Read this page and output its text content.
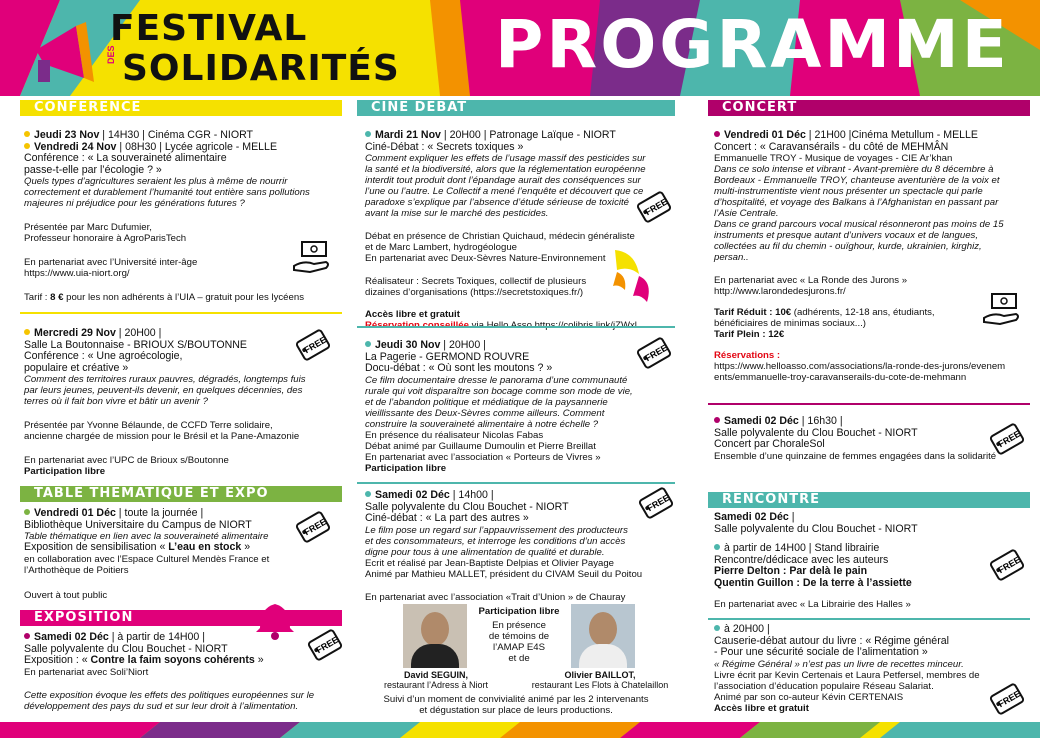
FESTIVAL
DES SOLIDARITÉS PROGRAMME
CONFERENCE
Jeudi 23 Nov | 14H30 | Cinéma CGR - NIORT
Vendredi 24 Nov | 08H30 | Lycée agricole - MELLE
Conférence : « La souveraineté alimentaire
passe-t-elle par l’écologie ? »
Quels types d’agricultures seraient les plus à même de nourrir
correctement et durablement l’humanité tout entière sans pollutions
majeures ni préjudice pour les générations futures ?
Présentée par Marc Dufumier,
Professeur honoraire à AgroParisTech
En partenariat avec l’Université inter-âge
https://www.uia-niort.org/
Tarif : 8 € pour les non adhérents à l’UIA – gratuit pour les lycéens
Mercredi 29 Nov | 20H00 |
Salle La Boutonnaise - BRIOUX S/BOUTONNE
Conférence : « Une agroécologie,
populaire et créative »
Comment des territoires ruraux pauvres, dégradés, longtemps fuis
par leurs jeunes, peuvent-ils devenir, en quelques décennies, des
terres où il fait bon vivre et bâtir un avenir ?
Présentée par Yvonne Bélaunde, de CCFD Terre solidaire,
ancienne chargée de mission pour le Brésil et la Pane-Amazonie
En partenariat avec l’UPC de Brioux s/Boutonne
Participation libre
FREE
TABLE THEMATIQUE ET EXPO
Vendredi 01 Déc | toute la journée |
Bibliothèque Universitaire du Campus de NIORT
Table thématique en lien avec la souveraineté alimentaire
Exposition de sensibilisation « L’eau en stock »
en collaboration avec l’Espace Culturel Mendès France et
l’Arthothèque de Poitiers
Ouvert à tout public
FREE
EXPOSITION
Samedi 02 Déc | à partir de 14H00 |
Salle polyvalente du Clou Bouchet - NIORT
Exposition : « Contre la faim soyons cohérents »
En partenariat avec Soli’Niort
Cette exposition évoque les effets des politiques européennes sur le
développement des pays du sud et sur leur droit à l’alimentation.
FREE
CINE DEBAT
Mardi 21 Nov | 20H00 | Patronage Laïque - NIORT
Ciné-Débat : « Secrets toxiques »
Comment expliquer les effets de l’usage massif des pesticides sur
la santé et la biodiversité, alors que la réglementation européenne
interdit tout produit dont l’épandage aurait des conséquences sur
l’une ou l’autre. Le Collectif a mené l’enquête et découvert que ce
paradoxe s’explique par l’absence d’étude sérieuse de toxicité
avant la mise sur le marché des pesticides.
Débat en présence de Christian Quichaud, médecin généraliste
et de Marc Lambert, hydrogéologue
En partenariat avec Deux-Sèvres Nature-Environnement
Réalisateur : Secrets Toxiques, collectif de plusieurs
dizaines d’organisations (https://secretstoxiques.fr/)
Accès libre et gratuit
FREE
Jeudi 30 Nov | 20H00 |
La Pagerie - GERMOND ROUVRE
Docu-débat : « Où sont les moutons ? »
Ce film documentaire dresse le panorama d’une communauté
rurale qui voit disparaître son bocage comme son mode de vie,
et de l’abandon politique et médiatique de la paysannerie
vieillissante des Deux-Sèvres comme ailleurs. Comment
construire la souveraineté alimentaire à notre échelle ?
En présence du réalisateur Nicolas Fabas
Débat animé par Guillaume Dumoulin et Pierre Breillat
En partenariat avec l’association « Porteurs de Vivres »
Participation libre
FREE
Samedi 02 Déc | 14h00 |
Salle polyvalente du Clou Bouchet - NIORT
Ciné-débat : « La part des autres »
Le film pose un regard sur l’appauvrissement des producteurs
et des consommateurs, et interroge les conditions d’un accès
digne pour tous à une alimentation de qualité et durable.
Ecrit et réalisé par Jean-Baptiste Delpias et Olivier Payage
Animé par Mathieu MALLET, président du CIVAM Seuil du Poitou
En partenariat avec l’association «Trait d’Union » de Chauray
FREE
Participation libre
En présence
de témoins de
l’AMAP E4S
et de
David SEGUIN,
restaurant l’Adress à Niort
Olivier BAILLOT,
restaurant Les Flots à Chatelaillon
Suivi d’un moment de convivialité animé par les 2 intervenants
et dégustation sur place de leurs productions.
CONCERT
Vendredi 01 Déc | 21H00 |Cinéma Metullum - MELLE
Concert : « Caravansérails - du côté de MEHMÂN
Emmanuelle TROY - Musique de voyages - CIE Ar’khan
Dans ce solo intense et vibrant - Avant-première du 8 décembre à
Bordeaux - Emmanuelle TROY, chanteuse aventurière de la voix et
multi-instrumentiste vient nous présenter un spectacle qui parle
d’hospitalité, et voyage des Balkans à l’Afghanistan en passant par
l’Asie Centrale.
Dans ce grand parcours vocal musical résonneront pas moins de 15
instruments et presque autant d’univers vocaux et de langues,
collectées au fil du chemin - ouïghour, kurde, ukrainien, kirghiz,
persan..
En partenariat avec « La Ronde des Jurons »
http://www.larondedesjurons.fr/
Tarif Réduit : 10€ (adhérents, 12-18 ans, étudiants,
bénéficiaires de minimas sociaux...)
Tarif Plein : 12€
Réservations :
https://www.helloasso.com/associations/la-ronde-des-jurons/evenem
ents/emmanuelle-troy-caravanserails-du-cote-de-mehmann
Samedi 02 Déc | 16h30 |
Salle polyvalente du Clou Bouchet - NIORT
Concert par ChoraleSol
Ensemble d’une quinzaine de femmes engagées dans la solidarité
FREE
RENCONTRE
Samedi 02 Déc |
Salle polyvalente du Clou Bouchet - NIORT
à partir de 14H00 | Stand librairie
Rencontre/dédicace avec les auteurs
Pierre Delton : Par delà le pain
Quentin Guillon : De la terre à l’assiette
En partenariat avec « La Librairie des Halles »
FREE
à 20H00 |
Causerie-débat autour du livre : « Régime général
- Pour une sécurité sociale de l’alimentation »
« Régime Général » n’est pas un livre de recettes minceur.
Livre écrit par Kevin Certenais et Laura Petfersel, membres de
l’association d’éducation populaire Réseau Salariat.
Animé par son co-auteur Kévin CERTENAIS
Accès libre et gratuit	FREE
